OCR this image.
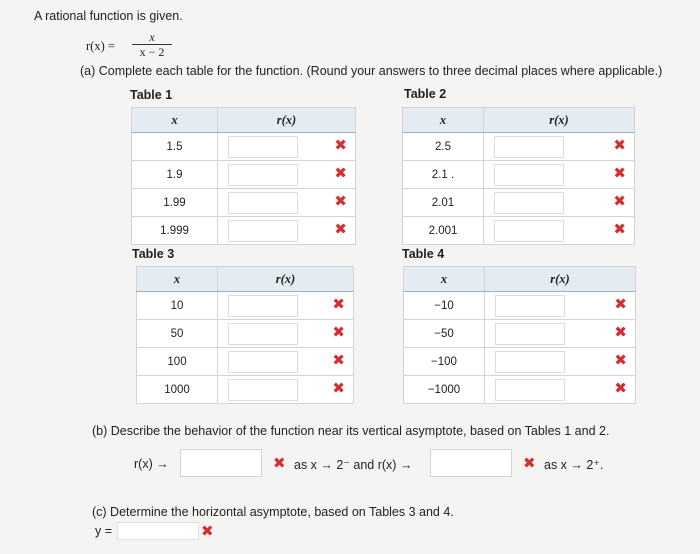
A rational function is given.
$r(x) = \frac{x}{x - 2}$
(a) Complete each table for the function. (Round your answers to three decimal places where applicable.)
Table 1	Table 2
Table 3	Table 4
x	r(x)
1.5	✖

1.9	✖

1.99	✖

1.999	✖
x	r(x)
2.5	✖

2.1 .	✖

2.01	✖

2.001	✖
x	r(x)
10	✖

50	✖

100	✖

1000	✖
x	r(x)
−10	✖

−50	✖

−100	✖

−1000	✖
(b) Describe the behavior of the function near its vertical asymptote, based on Tables 1 and 2.
r(x) →	✖ as x → 2⁻ and r(x) →	✖ as x → 2⁺.
(c) Determine the horizontal asymptote, based on Tables 3 and 4.
y =	✖
